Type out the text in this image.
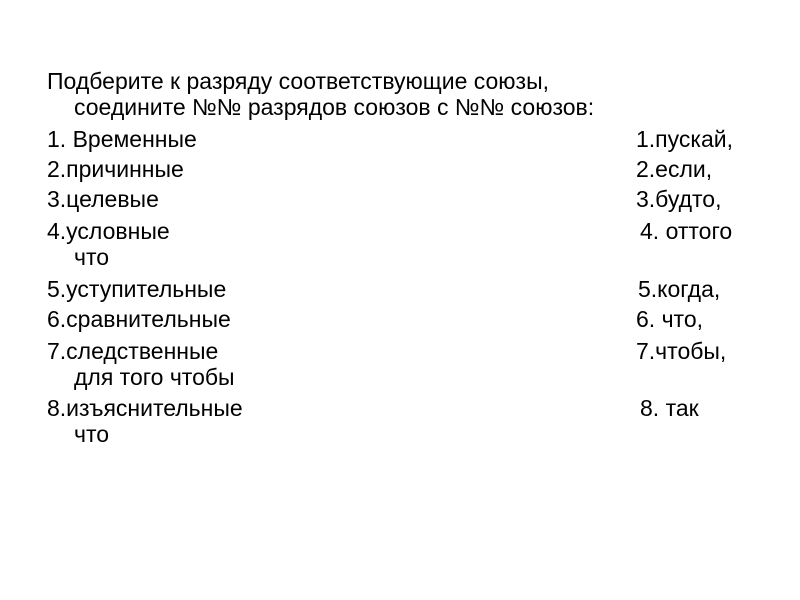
Подберите к разряду соответствующие союзы,
соедините №№ разрядов союзов с №№ союзов:
1. Временные
2.причинные
3.целевые
4.условные
5.уступительные
6.сравнительные
7.следственные
8.изъяснительные
1.пускай,
2.если,
3.будто,
4. оттого
что
5.когда,
6. что,
7.чтобы,
для того чтобы
8. так
что
